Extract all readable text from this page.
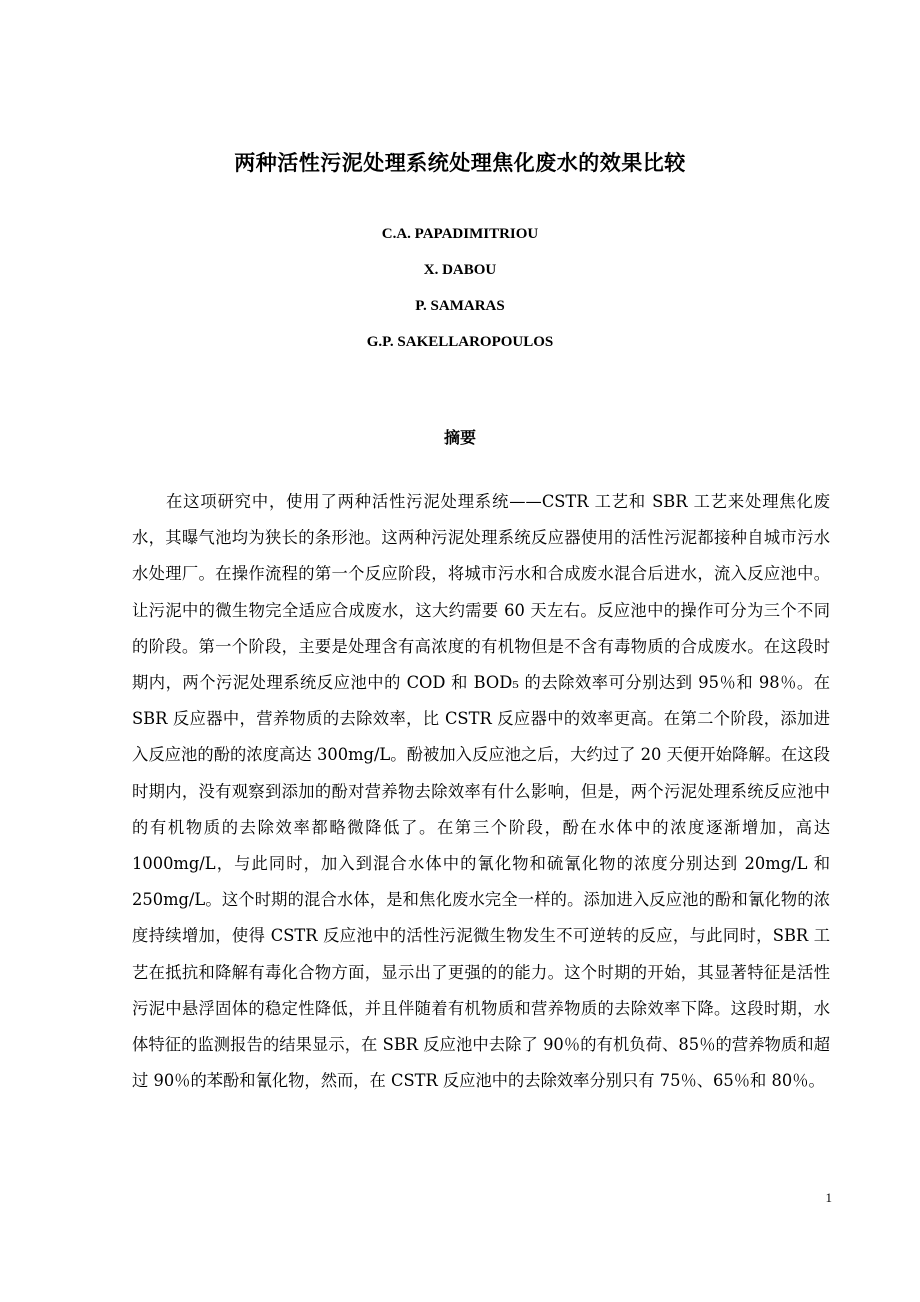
两种活性污泥处理系统处理焦化废水的效果比较
C.A. PAPADIMITRIOU
X. DABOU
P. SAMARAS
G.P. SAKELLAROPOULOS
摘要

在这项研究中，使用了两种活性污泥处理系统——CSTR 工艺和 SBR 工艺来处理焦化废水，其曝气池均为狭长的条形池。这两种污泥处理系统反应器使用的活性污泥都接种自城市污水水处理厂。在操作流程的第一个反应阶段，将城市污水和合成废水混合后进水，流入反应池中。让污泥中的微生物完全适应合成废水，这大约需要 60 天左右。反应池中的操作可分为三个不同的阶段。第一个阶段，主要是处理含有高浓度的有机物但是不含有毒物质的合成废水。在这段时期内，两个污泥处理系统反应池中的 COD 和 BOD₅ 的去除效率可分别达到 95％和 98％。在 SBR 反应器中，营养物质的去除效率，比 CSTR 反应器中的效率更高。在第二个阶段，添加进入反应池的酚的浓度高达 300mg/L。酚被加入反应池之后，大约过了 20 天便开始降解。在这段时期内，没有观察到添加的酚对营养物去除效率有什么影响，但是，两个污泥处理系统反应池中的有机物质的去除效率都略微降低了。在第三个阶段，酚在水体中的浓度逐渐增加，高达 1000mg/L，与此同时，加入到混合水体中的氰化物和硫氰化物的浓度分别达到 20mg/L 和 250mg/L。这个时期的混合水体，是和焦化废水完全一样的。添加进入反应池的酚和氰化物的浓度持续增加，使得 CSTR 反应池中的活性污泥微生物发生不可逆转的反应，与此同时，SBR 工艺在抵抗和降解有毒化合物方面，显示出了更强的的能力。这个时期的开始，其显著特征是活性污泥中悬浮固体的稳定性降低，并且伴随着有机物质和营养物质的去除效率下降。这段时期，水体特征的监测报告的结果显示，在 SBR 反应池中去除了 90％的有机负荷、85％的营养物质和超过 90％的苯酚和氰化物，然而，在 CSTR 反应池中的去除效率分别只有 75％、65％和 80％。

1
